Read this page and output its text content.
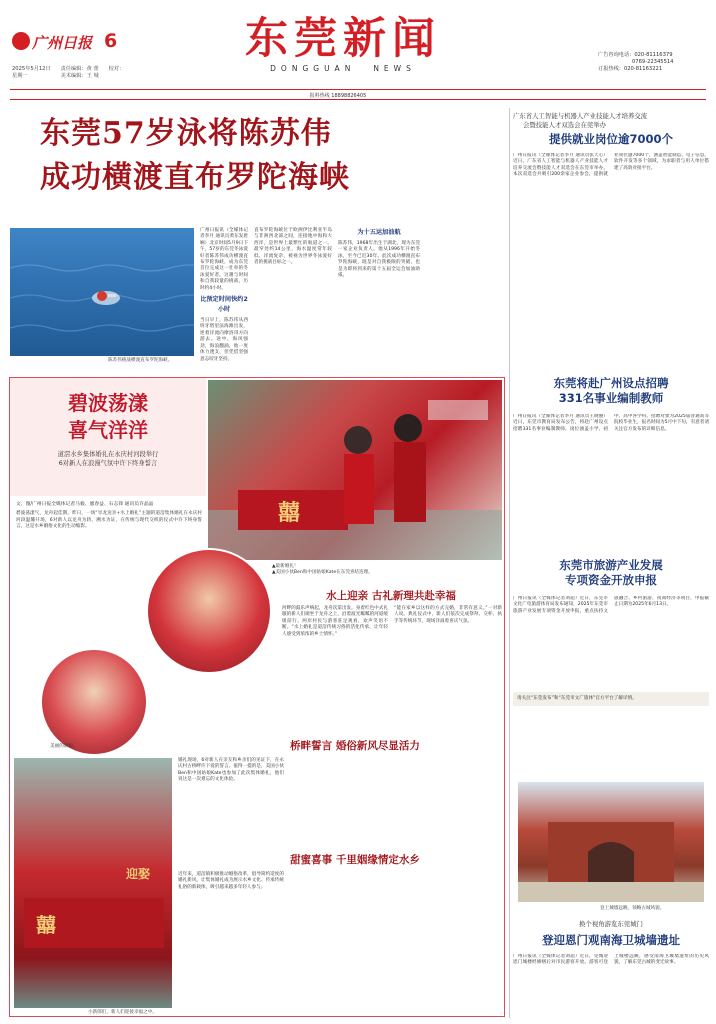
广州日报 6
2025年5月12日
星期一
责任编辑：黄 蕾
美术编辑：王 城
校对：
东莞新闻
DONGGUAN NEWS
广告咨询电话：020-81116379
0769-22345514
订报热线：020-81163221
报料热线 18898826405
东莞57岁泳将陈苏伟
成功横渡直布罗陀海峡
陈苏伟挑战横渡直布罗陀海峡。

广州日报讯（全媒体记者李月 通讯员黄东发唐娴）北京时间5月9日下午，57岁的东莞冬泳爱好者陈苏伟成功横渡直布罗陀海峡，成为东莞首位完成这一壮举的冬泳爱好者。这趟与时间和自我较量的挑战，历时约4小时。

比预定时间快约2小时

当日早上，陈苏伟从西班牙塔里法海滩出发，逆着洋流向摩洛哥方向游去。途中，海风强劲，海浪翻涌，他一度体力透支，但凭借坚强意志咬牙坚持。

直布罗陀海峡位于欧洲伊比利亚半岛与非洲西北部之间，连接地中海和大西洋，是世界上最繁忙的航道之一。最窄处约14公里，海水温度常年较低、洋流复杂，被视为世界冬泳爱好者的挑战目标之一。

为十五运加油航

陈苏伟，1968年出生于湖北，现为东莞一家企业负责人。他从1996年开始冬泳，至今已近30年。此次成功横渡直布罗陀海峡，既是对自我极限的突破，也是为即将到来的第十五届全运会加油助威。

碧波荡漾
喜气洋洋
道滘水乡集体婚礼在永庆村河段举行
6对新人在浪漫气氛中许下终身誓言

文、图/广州日报全媒体记者马毅、廖春益、石志锋 通讯员许晶晶

碧波荡漾气，龙舟起佳期。昨日，一场“旱龙送亲+水上婚礼”主题的道滘集体婚礼在永庆村河段温馨开场，6对新人以龙舟为轿，溯水为证，在传统与现代交织的仪式中许下终身誓言，这是水乡婚俗文化的生动缩影。

囍
▲最新婚礼！
▲美国小伙Ben和中国姑娘Kate在东莞喜结连理。
美丽的新娘。
水上迎亲 古礼新理共赴幸福

河畔的鼓乐声响起，龙舟次第出发。身着红色中式礼服的新人们端坐于龙舟之上，沿着波光粼粼的河道缓缓前行。两岸村民与游客驻足观看，欢声笑语不断。“水上婚礼是道滘传统习俗的活化传承，让年轻人感受到浓浓的乡土情怀。”

“能在家乡以这样的方式完婚，非常有意义。”一对新人说。典礼仪式中，新人们依次完成祭拜、交杯、执手等传统环节，现场洋溢着喜庆气氛。

桥畔誓言 婚俗新风尽显活力
囍
迎娶
小新郎们，新人们迎接幸福之中。

婚礼现场，6对新人在亲友和乡亲们的见证下，在永庆村古桥畔许下爱的誓言。值得一提的是，美国小伙Ben和中国姑娘Kate也参加了此次集体婚礼，他们说这是一次难忘的文化体验。

甜蜜喜事 千里姻缘情定水乡

近年来，道滘镇积极推动婚俗改革，倡导简约适度的婚礼新风，让集体婚礼成为展示水乡文化、传承传统礼俗的新载体，吸引越来越多年轻人参与。

广东省人工智能与机器人产业技能人才培养交流
会暨技能人才双选会在莞举办
提供就业岗位逾7000个
广州日报讯（全媒体记者李月 通讯员张天心）近日，广东省人工智能与机器人产业技能人才培养交流会暨技能人才双选会在东莞市举办。本次双选会共吸引200余家企业参会，提供就业岗位逾7000个，涵盖智能制造、电子信息、软件开发等多个领域，为求职者与用人单位搭建了高效对接平台。
东莞将赴广州设点招聘
331名事业编制教师
广州日报讯（全媒体记者李月 通讯员王晓丽）近日，东莞市教育局发布公告，将赴广州设点招聘331名事业编制教师，岗位涵盖小学、初中、高中各学科。招聘对象为2025届普通高等院校毕业生，报名时间为5月中下旬，有意者请关注官方发布的详细信息。
东莞市旅游产业发展
专项资金开放申报
广州日报讯（全媒体记者刘超）近日，东莞市文化广电旅游体育局发布通知，2025年东莞市旅游产业发展专项资金开放申报，重点扶持文旅融合、乡村旅游、夜间经济等项目，申报截止日期为2025年6月13日。
请关注“东莞发布”和“东莞市文广旅体”官方平台了解详情。
登上城墙远眺，领略古城风貌。
换个视角游览东莞城门
登迎恩门观南海卫城墙遗址
广州日报讯（全媒体记者刘超）近日，莞城迎恩门城楼经修缮后对市民游客开放。游客可登上城楼远眺，感受南海卫城墙遗址的历史风貌，了解东莞古城的变迁故事。
